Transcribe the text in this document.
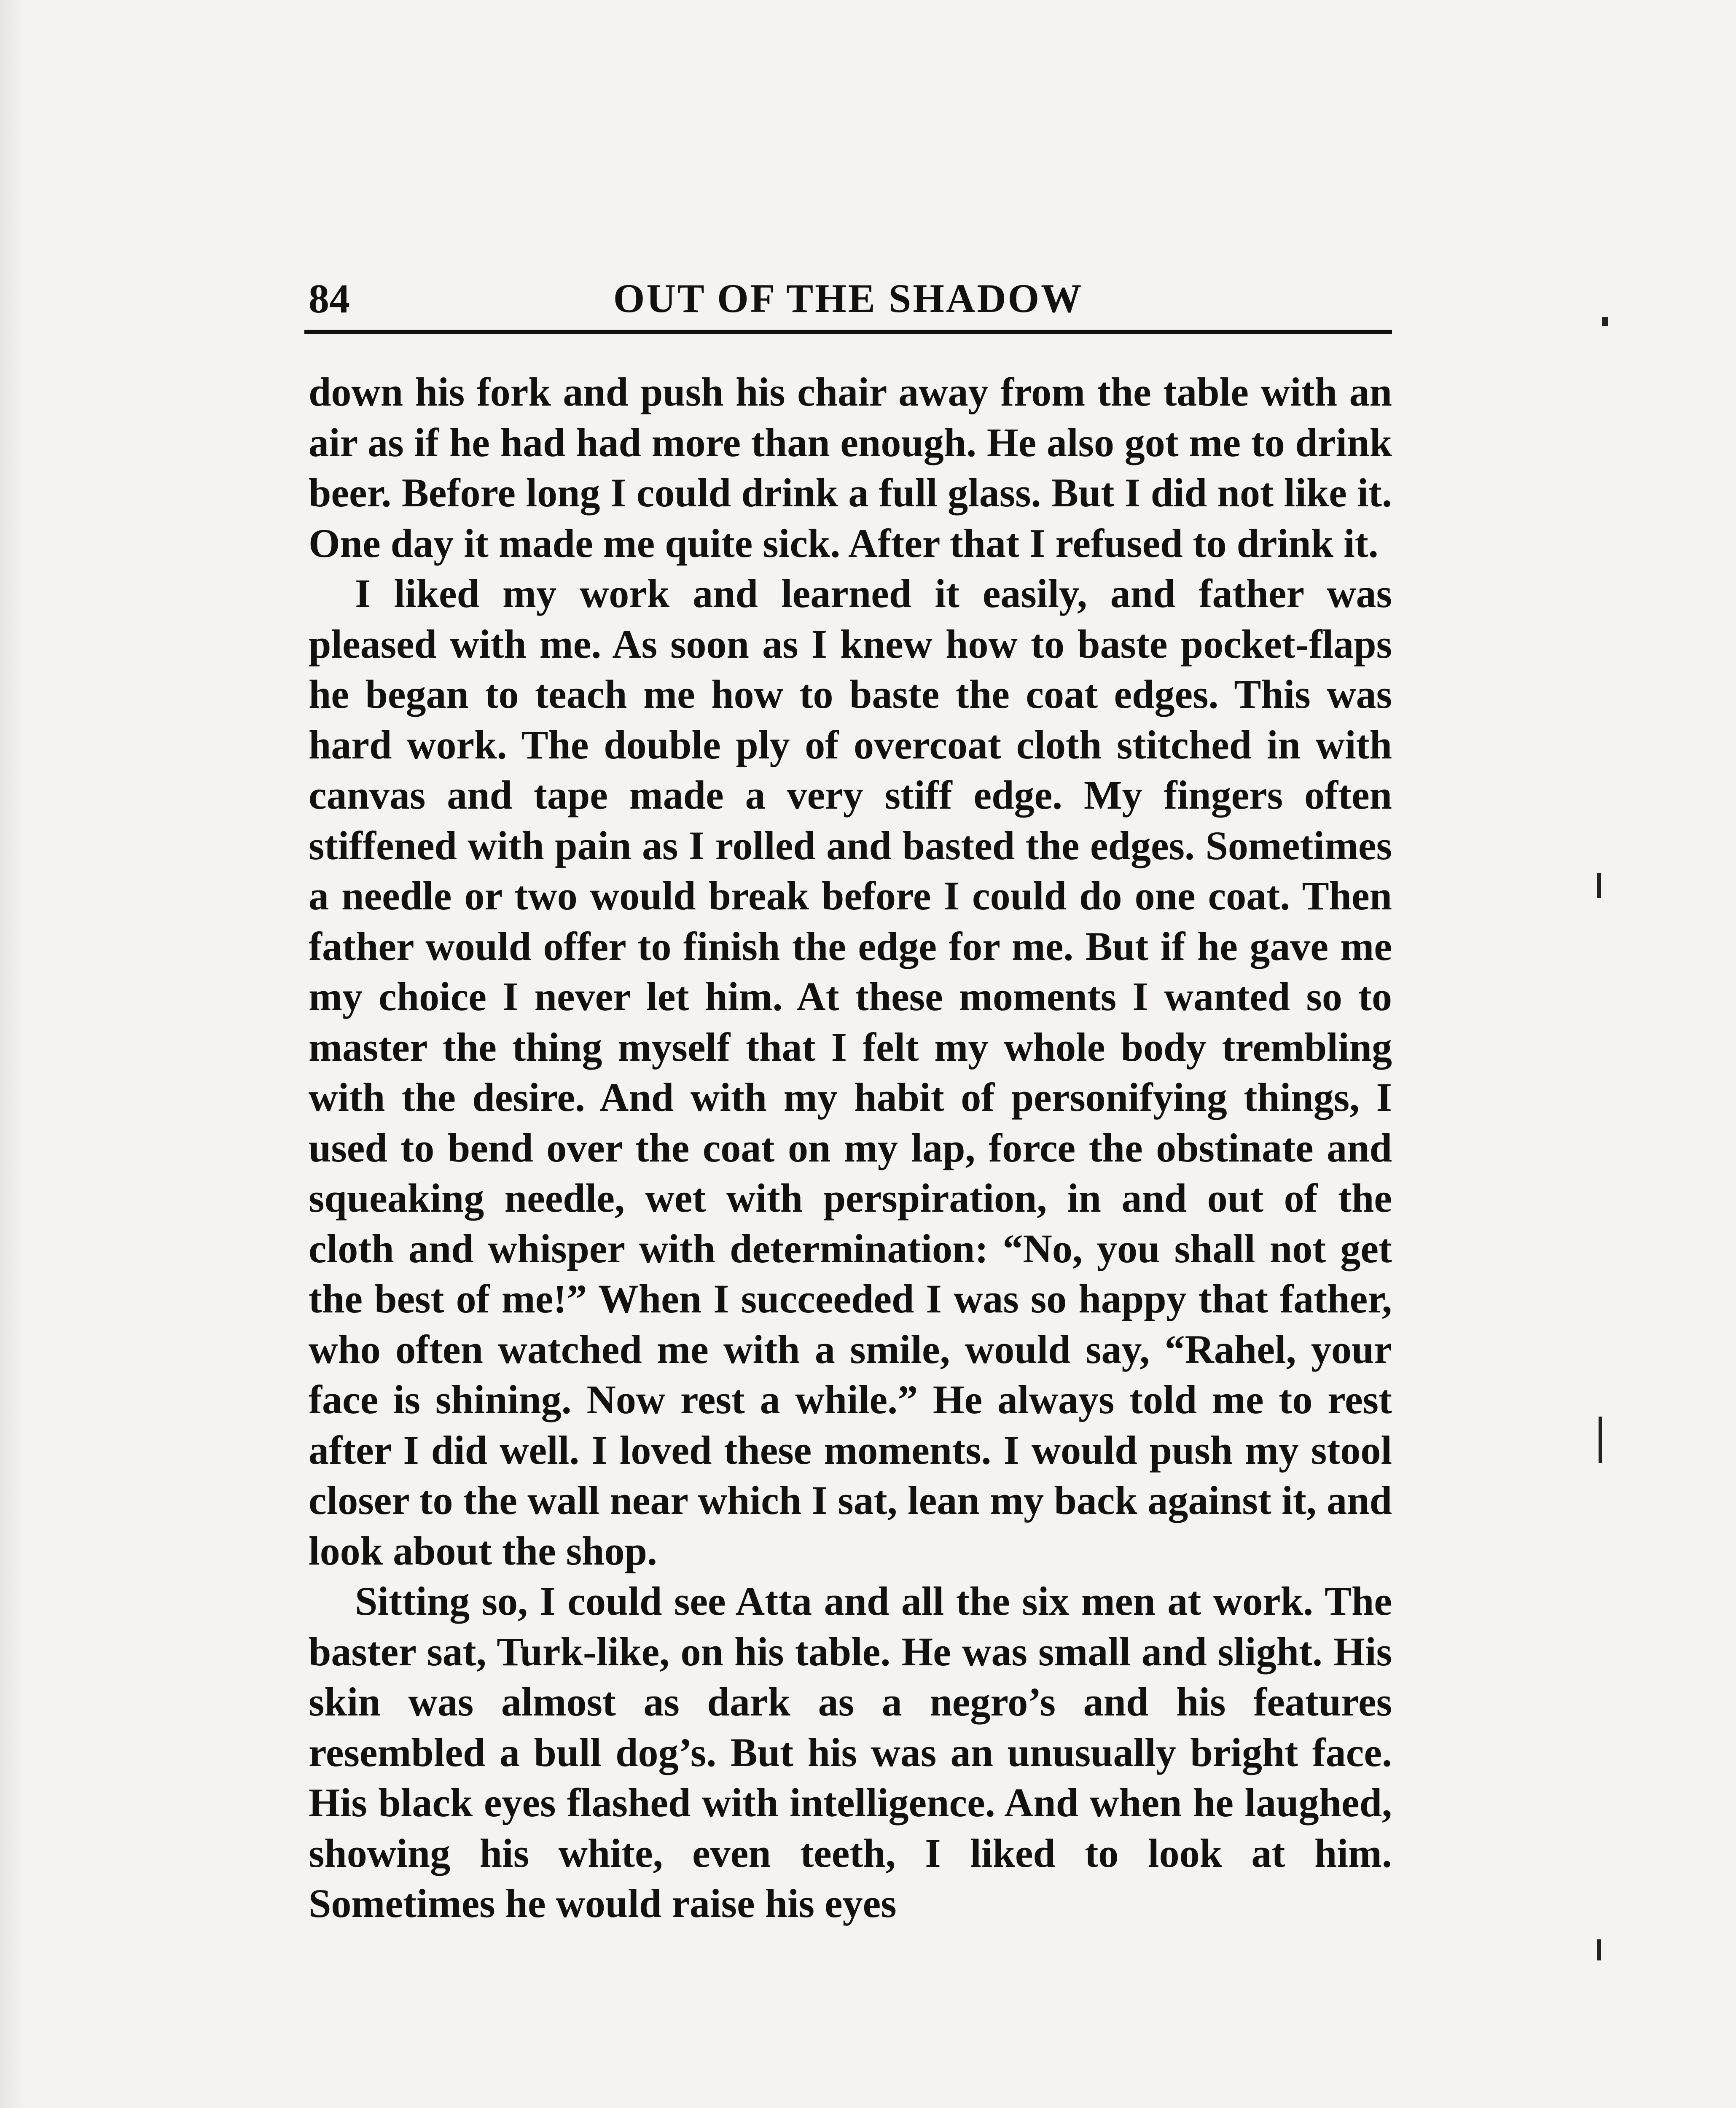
84	OUT OF THE SHADOW

down his fork and push his chair away from the table with an air as if he had had more than enough. He also got me to drink beer. Before long I could drink a full glass. But I did not like it. One day it made me quite sick. After that I refused to drink it.

I liked my work and learned it easily, and father was pleased with me. As soon as I knew how to baste pocket-flaps he began to teach me how to baste the coat edges. This was hard work. The double ply of overcoat cloth stitched in with canvas and tape made a very stiff edge. My fingers often stiffened with pain as I rolled and basted the edges. Sometimes a needle or two would break before I could do one coat. Then father would offer to finish the edge for me. But if he gave me my choice I never let him. At these moments I wanted so to master the thing myself that I felt my whole body trembling with the desire. And with my habit of personifying things, I used to bend over the coat on my lap, force the obstinate and squeaking needle, wet with perspiration, in and out of the cloth and whisper with determination: “No, you shall not get the best of me!” When I succeeded I was so happy that father, who often watched me with a smile, would say, “Rahel, your face is shining. Now rest a while.” He always told me to rest after I did well. I loved these moments. I would push my stool closer to the wall near which I sat, lean my back against it, and look about the shop.

Sitting so, I could see Atta and all the six men at work. The baster sat, Turk-like, on his table. He was small and slight. His skin was almost as dark as a negro’s and his features resembled a bull dog’s. But his was an unusually bright face. His black eyes flashed with intelligence. And when he laughed, showing his white, even teeth, I liked to look at him. Sometimes he would raise his eyes
